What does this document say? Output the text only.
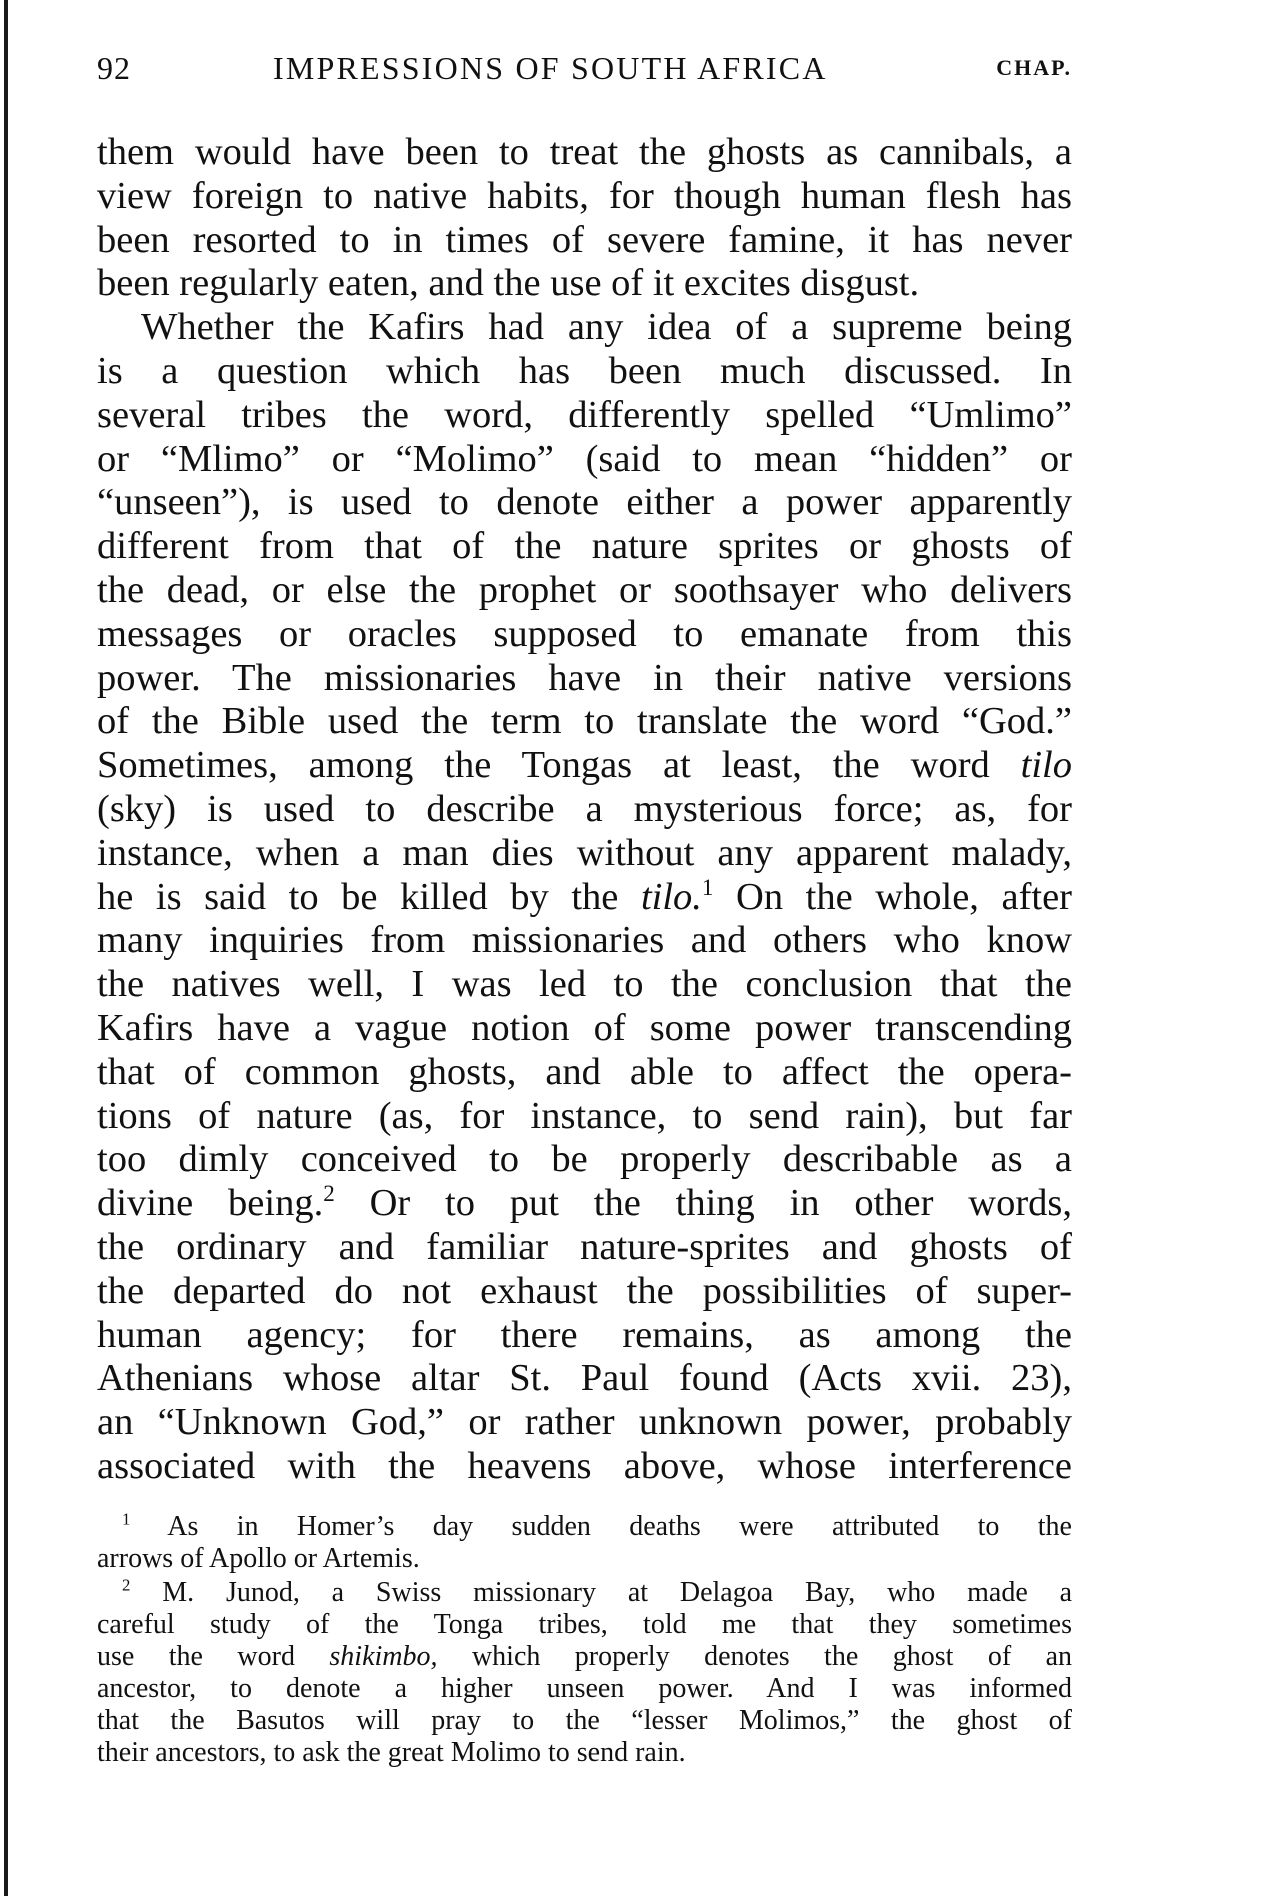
92	IMPRESSIONS OF SOUTH AFRICA	CHAP.
them would have been to treat the ghosts as cannibals, a
view foreign to native habits, for though human flesh has
been resorted to in times of severe famine, it has never
been regularly eaten, and the use of it excites disgust.
Whether the Kafirs had any idea of a supreme being
is a question which has been much discussed. In
several tribes the word, differently spelled “Umlimo”
or “Mlimo” or “Molimo” (said to mean “hidden” or
“unseen”), is used to denote either a power apparently
different from that of the nature sprites or ghosts of
the dead, or else the prophet or soothsayer who delivers
messages or oracles supposed to emanate from this
power. The missionaries have in their native versions
of the Bible used the term to translate the word “God.”
Sometimes, among the Tongas at least, the word tilo
(sky) is used to describe a mysterious force; as, for
instance, when a man dies without any apparent malady,
he is said to be killed by the tilo.$^1$ On the whole, after
many inquiries from missionaries and others who know
the natives well, I was led to the conclusion that the
Kafirs have a vague notion of some power transcending
that of common ghosts, and able to affect the opera-
tions of nature (as, for instance, to send rain), but far
too dimly conceived to be properly describable as a
divine being.$^2$ Or to put the thing in other words,
the ordinary and familiar nature-sprites and ghosts of
the departed do not exhaust the possibilities of super-
human agency; for there remains, as among the
Athenians whose altar St. Paul found (Acts xvii. 23),
an “Unknown God,” or rather unknown power, probably
associated with the heavens above, whose interference
$^1$ As in Homer’s day sudden deaths were attributed to the
arrows of Apollo or Artemis.
$^2$ M. Junod, a Swiss missionary at Delagoa Bay, who made a
careful study of the Tonga tribes, told me that they sometimes
use the word shikimbo, which properly denotes the ghost of an
ancestor, to denote a higher unseen power. And I was informed
that the Basutos will pray to the “lesser Molimos,” the ghost of
their ancestors, to ask the great Molimo to send rain.
